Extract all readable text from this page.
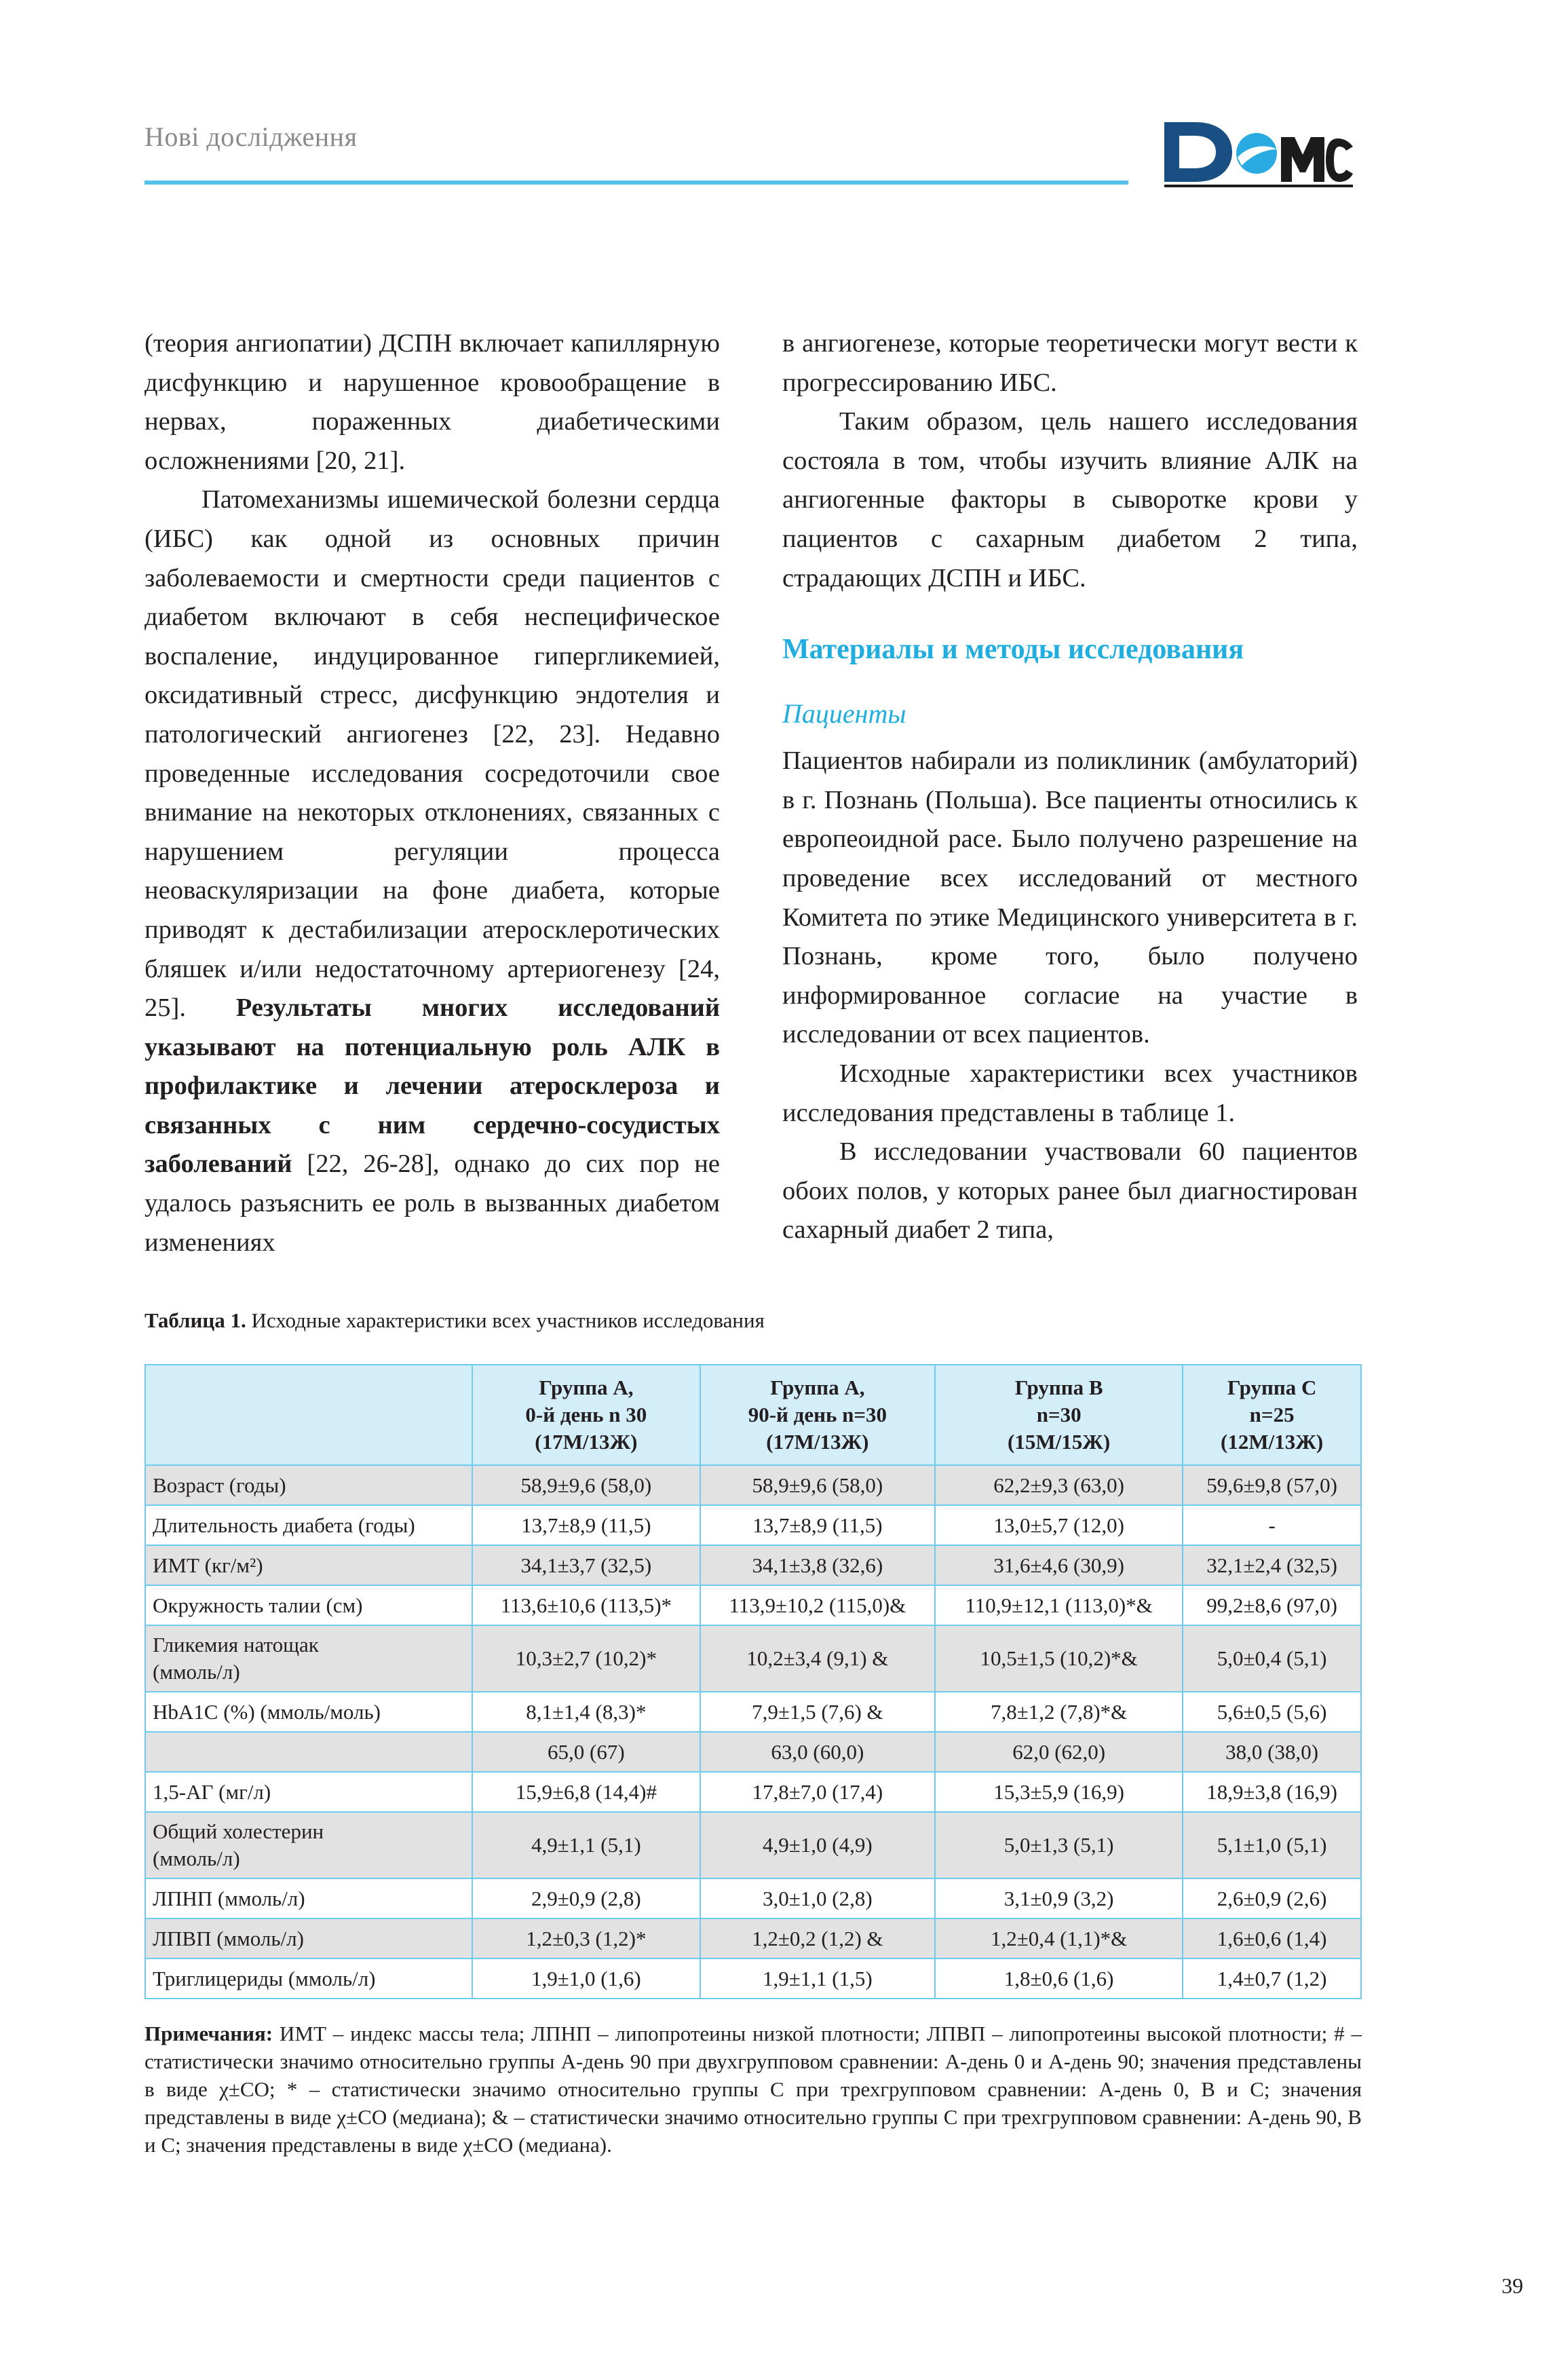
Нові дослідження

(теория ангиопатии) ДСПН включает капиллярную дисфункцию и нарушенное кровообращение в нервах, пораженных диабетическими осложнениями [20, 21].

Патомеханизмы ишемической болезни сердца (ИБС) как одной из основных причин заболеваемости и смертности среди пациентов с диабетом включают в себя неспецифическое воспаление, индуцированное гипергликемией, оксидативный стресс, дисфункцию эндотелия и патологический ангиогенез [22, 23]. Недавно проведенные исследования сосредоточили свое внимание на некоторых отклонениях, связанных с нарушением регуляции процесса неоваскуляризации на фоне диабета, которые приводят к дестабилизации атеросклеротических бляшек и/или недостаточному артериогенезу [24, 25]. Результаты многих исследований указывают на потенциальную роль АЛК в профилактике и лечении атеросклероза и связанных с ним сердечно-сосудистых заболеваний [22, 26-28], однако до сих пор не удалось разъяснить ее роль в вызванных диабетом изменениях

в ангиогенезе, которые теоретически могут вести к прогрессированию ИБС.

Таким образом, цель нашего исследования состояла в том, чтобы изучить влияние АЛК на ангиогенные факторы в сыворотке крови у пациентов с сахарным диабетом 2 типа, страдающих ДСПН и ИБС.

Материалы и методы исследования
Пациенты

Пациентов набирали из поликлиник (амбулаторий) в г. Познань (Польша). Все пациенты относились к европеоидной расе. Было получено разрешение на проведение всех исследований от местного Комитета по этике Медицинского университета в г. Познань, кроме того, было получено информированное согласие на участие в исследовании от всех пациентов.

Исходные характеристики всех участников исследования представлены в таблице 1.

В исследовании участвовали 60 пациентов обоих полов, у которых ранее был диагностирован сахарный диабет 2 типа,

Таблица 1. Исходные характеристики всех участников исследования

	Группа А,
0-й день n 30
(17М/13Ж)	Группа А,
90-й день n=30
(17М/13Ж)	Группа В
n=30
(15М/15Ж)	Группа С
n=25
(12М/13Ж)

Возраст (годы)	58,9±9,6 (58,0)	58,9±9,6 (58,0)	62,2±9,3 (63,0)	59,6±9,8 (57,0)

Длительность диабета (годы)	13,7±8,9 (11,5)	13,7±8,9 (11,5)	13,0±5,7 (12,0)	-

ИМТ (кг/м²)	34,1±3,7 (32,5)	34,1±3,8 (32,6)	31,6±4,6 (30,9)	32,1±2,4 (32,5)

Окружность талии (см)	113,6±10,6 (113,5)*	113,9±10,2 (115,0)&	110,9±12,1 (113,0)*&	99,2±8,6 (97,0)

Гликемия натощак
(ммоль/л)	10,3±2,7 (10,2)*	10,2±3,4 (9,1) &	10,5±1,5 (10,2)*&	5,0±0,4 (5,1)

HbA1C (%) (ммоль/моль)	8,1±1,4 (8,3)*	7,9±1,5 (7,6) &	7,8±1,2 (7,8)*&	5,6±0,5 (5,6)

	65,0 (67)	63,0 (60,0)	62,0 (62,0)	38,0 (38,0)

1,5-АГ (мг/л)	15,9±6,8 (14,4)#	17,8±7,0 (17,4)	15,3±5,9 (16,9)	18,9±3,8 (16,9)

Общий холестерин
(ммоль/л)	4,9±1,1 (5,1)	4,9±1,0 (4,9)	5,0±1,3 (5,1)	5,1±1,0 (5,1)

ЛПНП (ммоль/л)	2,9±0,9 (2,8)	3,0±1,0 (2,8)	3,1±0,9 (3,2)	2,6±0,9 (2,6)

ЛПВП (ммоль/л)	1,2±0,3 (1,2)*	1,2±0,2 (1,2) &	1,2±0,4 (1,1)*&	1,6±0,6 (1,4)

Триглицериды (ммоль/л)	1,9±1,0 (1,6)	1,9±1,1 (1,5)	1,8±0,6 (1,6)	1,4±0,7 (1,2)
Примечания: ИМТ – индекс массы тела; ЛПНП – липопротеины низкой плотности; ЛПВП – липопротеины высокой плотности; # – статистически значимо относительно группы А-день 90 при двухгрупповом сравнении: А-день 0 и А-день 90; значения представлены в виде χ±СО; * – статистически значимо относительно группы С при трехгрупповом сравнении: А-день 0, В и С; значения представлены в виде χ±СО (медиана); & – статистически значимо относительно группы С при трехгрупповом сравнении: А-день 90, В и С; значения представлены в виде χ±СО (медиана).
39
